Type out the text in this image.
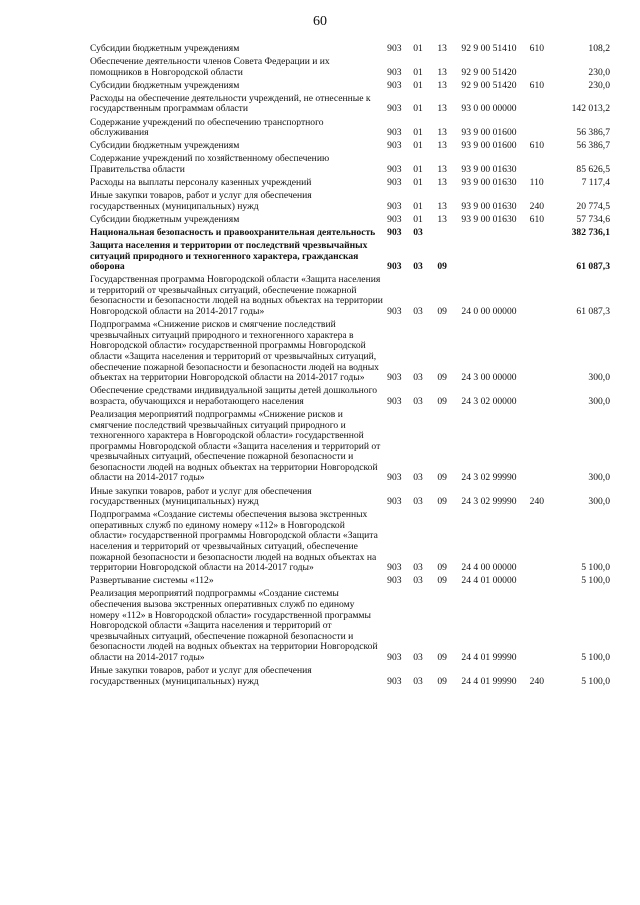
60
Субсидии бюджетным учреждениям	903	01	13	92 9 00 51410	610	108,2
Обеспечение деятельности членов Совета Федерации и их помощников в Новгородской области	903	01	13	92 9 00 51420		230,0
Субсидии бюджетным учреждениям	903	01	13	92 9 00 51420	610	230,0
Расходы на обеспечение деятельности учреждений, не отнесенные к государственным программам области	903	01	13	93 0 00 00000		142 013,2
Содержание учреждений по обеспечению транспортного обслуживания	903	01	13	93 9 00 01600		56 386,7
Субсидии бюджетным учреждениям	903	01	13	93 9 00 01600	610	56 386,7
Содержание учреждений по хозяйственному обеспечению Правительства области	903	01	13	93 9 00 01630		85 626,5
Расходы на выплаты персоналу казенных учреждений	903	01	13	93 9 00 01630	110	7 117,4
Иные закупки товаров, работ и услуг для обеспечения государственных (муниципальных) нужд	903	01	13	93 9 00 01630	240	20 774,5
Субсидии бюджетным учреждениям	903	01	13	93 9 00 01630	610	57 734,6
Национальная безопасность и правоохранительная деятельность	903	03				382 736,1
Защита населения и территории от последствий чрезвычайных ситуаций природного и техногенного характера, гражданская оборона	903	03	09			61 087,3
Государственная программа Новгородской области «Защита населения и территорий от чрезвычайных ситуаций, обеспечение пожарной безопасности и безопасности людей на водных объектах на территории Новгородской области на 2014-2017 годы»	903	03	09	24 0 00 00000		61 087,3
Подпрограмма «Снижение рисков и смягчение последствий чрезвычайных ситуаций природного и техногенного характера в Новгородской области» государственной программы Новгородской области «Защита населения и территорий от чрезвычайных ситуаций, обеспечение пожарной безопасности и безопасности людей на водных объектах на территории Новгородской области на 2014-2017 годы»	903	03	09	24 3 00 00000		300,0
Обеспечение средствами индивидуальной защиты детей дошкольного возраста, обучающихся и неработающего населения	903	03	09	24 3 02 00000		300,0
Реализация мероприятий подпрограммы «Снижение рисков и смягчение последствий чрезвычайных ситуаций природного и техногенного характера в Новгородской области» государственной программы Новгородской области «Защита населения и территорий от чрезвычайных ситуаций, обеспечение пожарной безопасности и безопасности людей на водных объектах на территории Новгородской области на 2014-2017 годы»	903	03	09	24 3 02 99990		300,0
Иные закупки товаров, работ и услуг для обеспечения государственных (муниципальных) нужд	903	03	09	24 3 02 99990	240	300,0
Подпрограмма «Создание системы обеспечения вызова экстренных оперативных служб по единому номеру «112» в Новгородской области» государственной программы Новгородской области «Защита населения и территорий от чрезвычайных ситуаций, обеспечение пожарной безопасности и безопасности людей на водных объектах на территории Новгородской области на 2014-2017 годы»	903	03	09	24 4 00 00000		5 100,0
Развертывание системы «112»	903	03	09	24 4 01 00000		5 100,0
Реализация мероприятий подпрограммы «Создание системы обеспечения вызова экстренных оперативных служб по единому номеру «112» в Новгородской области» государственной программы Новгородской области «Защита населения и территорий от чрезвычайных ситуаций, обеспечение пожарной безопасности и безопасности людей на водных объектах на территории Новгородской области на 2014-2017 годы»	903	03	09	24 4 01 99990		5 100,0
Иные закупки товаров, работ и услуг для обеспечения государственных (муниципальных) нужд	903	03	09	24 4 01 99990	240	5 100,0
